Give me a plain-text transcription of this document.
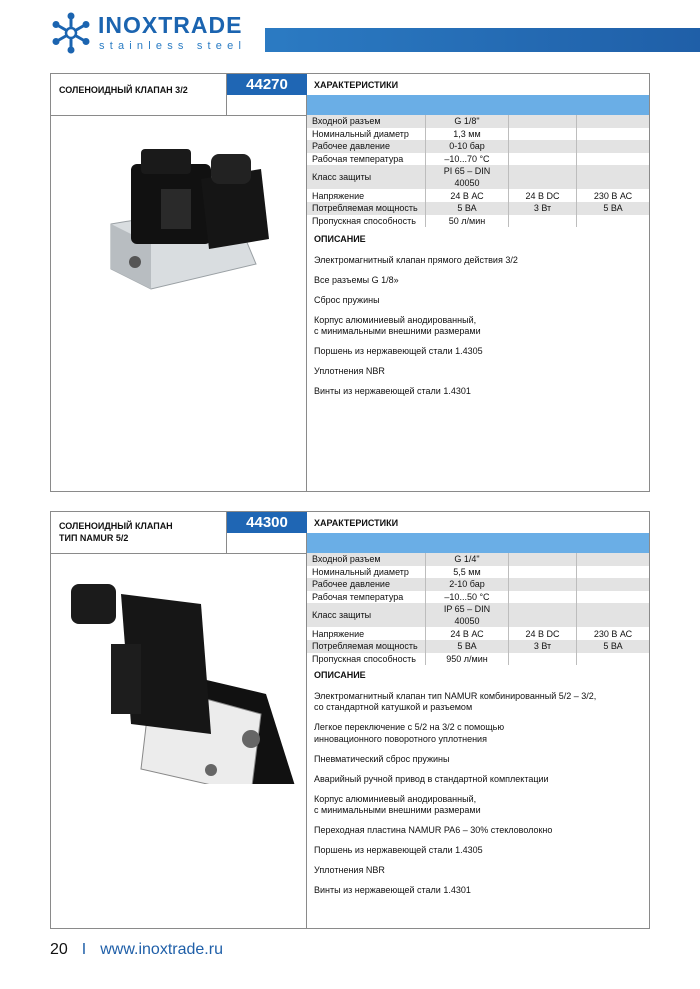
INOXTRADE
stainless steel
СОЛЕНОИДНЫЙ КЛАПАН 3/2	44270	ХАРАКТЕРИСТИКИ
Входной разъем	G 1/8"		
Номинальный диаметр	1,3 мм		
Рабочее давление	0-10 бар		
Рабочая температура	–10...70 °C		
Класс защиты	PI 65 – DIN 40050		
Напряжение	24 В АС	24 В DC	230 В АС
Потребляемая мощность	5 ВА	3 Вт	5 ВА
Пропускная способность	50 л/мин		
ОПИСАНИЕ

Электромагнитный клапан прямого действия 3/2

Все разъемы G 1/8»

Сброс пружины

Корпус алюминиевый анодированный,
с минимальными внешними размерами

Поршень из нержавеющей стали 1.4305

Уплотнения NBR

Винты из нержавеющей стали 1.4301

СОЛЕНОИДНЫЙ КЛАПАН
ТИП NAMUR 5/2
44300	ХАРАКТЕРИСТИКИ
Входной разъем	G 1/4"		
Номинальный диаметр	5,5 мм		
Рабочее давление	2-10 бар		
Рабочая температура	–10...50 °C		
Класс защиты	IP 65 – DIN 40050		
Напряжение	24 В АС	24 В DC	230 В АС
Потребляемая мощность	5 ВА	3 Вт	5 ВА
Пропускная способность	950 л/мин		
ОПИСАНИЕ

Электромагнитный клапан тип NAMUR комбинированный 5/2 – 3/2,
со стандартной катушкой и разъемом

Легкое переключение с 5/2 на 3/2 с помощью
инновационного поворотного уплотнения

Пневматический сброс пружины

Аварийный ручной привод в стандартной комплектации

Корпус алюминиевый анодированный,
с минимальными внешними размерами

Переходная пластина NAMUR PA6 – 30% стекловолокно

Поршень из нержавеющей стали 1.4305

Уплотнения NBR

Винты из нержавеющей стали 1.4301

20 I www.inoxtrade.ru
